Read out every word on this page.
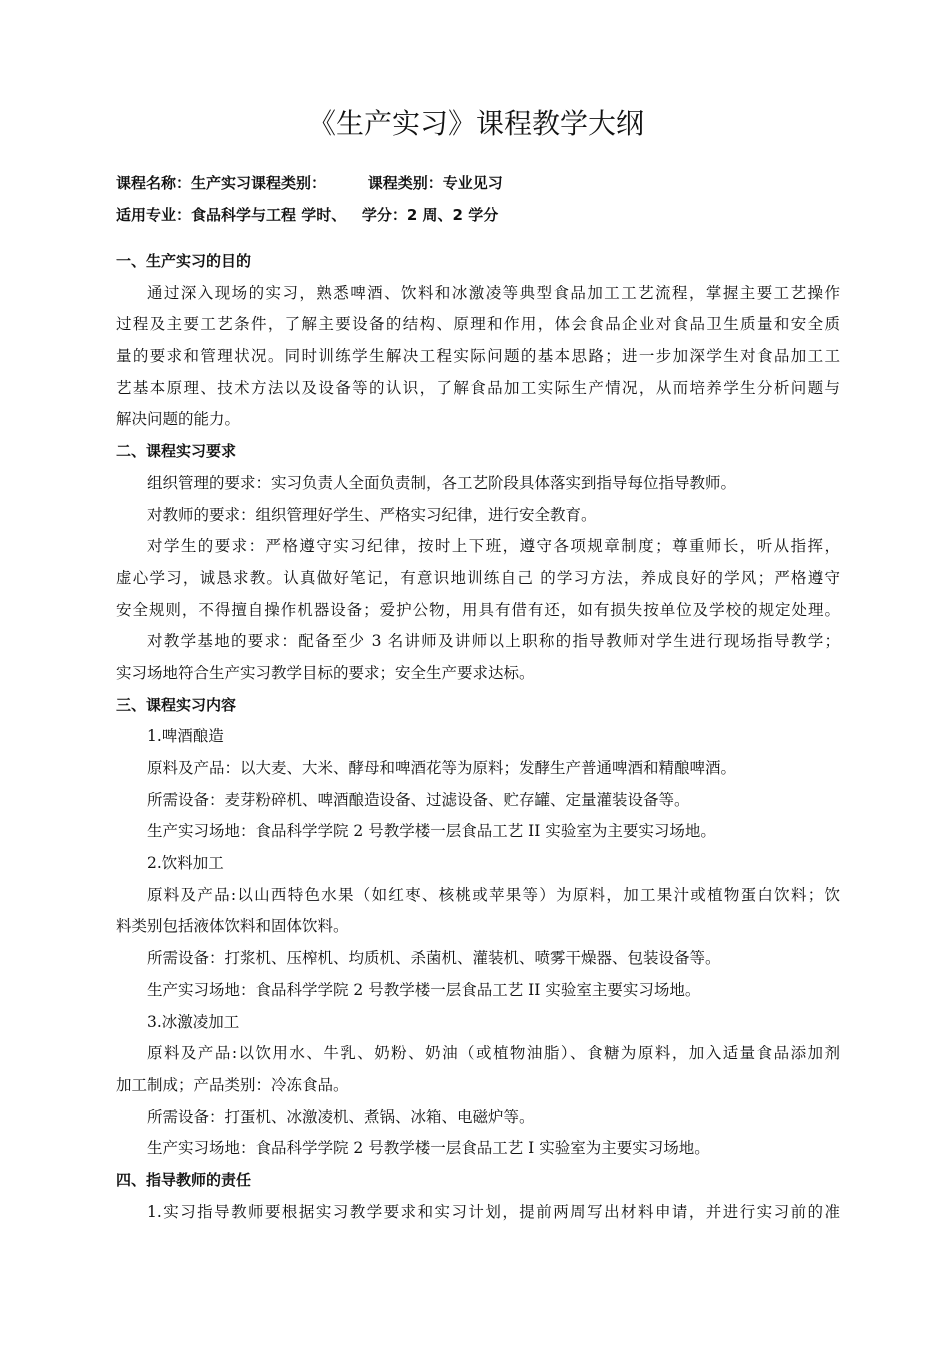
《生产实习》课程教学大纲
课程名称：生产实习课程类别：        课程类别：专业见习
适用专业：食品科学与工程 学时、   学分：2 周、2 学分
一、生产实习的目的
通过深入现场的实习，熟悉啤酒、饮料和冰激凌等典型食品加工工艺流程，掌握主要工艺操作
过程及主要工艺条件，了解主要设备的结构、原理和作用，体会食品企业对食品卫生质量和安全质
量的要求和管理状况。同时训练学生解决工程实际问题的基本思路；进一步加深学生对食品加工工
艺基本原理、技术方法以及设备等的认识，了解食品加工实际生产情况，从而培养学生分析问题与
解决问题的能力。
二、课程实习要求
组织管理的要求：实习负责人全面负责制，各工艺阶段具体落实到指导每位指导教师。
对教师的要求：组织管理好学生、严格实习纪律，进行安全教育。
对学生的要求：严格遵守实习纪律，按时上下班，遵守各项规章制度；尊重师长，听从指挥，
虚心学习，诚恳求教。认真做好笔记，有意识地训练自己 的学习方法，养成良好的学风；严格遵守
安全规则，不得擅自操作机器设备；爱护公物，用具有借有还，如有损失按单位及学校的规定处理。
对教学基地的要求：配备至少 3 名讲师及讲师以上职称的指导教师对学生进行现场指导教学；
实习场地符合生产实习教学目标的要求；安全生产要求达标。
三、课程实习内容
1.啤酒酿造
原料及产品：以大麦、大米、酵母和啤酒花等为原料；发酵生产普通啤酒和精酿啤酒。
所需设备：麦芽粉碎机、啤酒酿造设备、过滤设备、贮存罐、定量灌装设备等。
生产实习场地：食品科学学院 2 号教学楼一层食品工艺 II 实验室为主要实习场地。
2.饮料加工
原料及产品:以山西特色水果（如红枣、核桃或苹果等）为原料，加工果汁或植物蛋白饮料；饮
料类别包括液体饮料和固体饮料。
所需设备：打浆机、压榨机、均质机、杀菌机、灌装机、喷雾干燥器、包装设备等。
生产实习场地：食品科学学院 2 号教学楼一层食品工艺 II 实验室主要实习场地。
3.冰激凌加工
原料及产品:以饮用水、牛乳、奶粉、奶油（或植物油脂）、食糖为原料，加入适量食品添加剂
加工制成；产品类别：冷冻食品。
所需设备：打蛋机、冰激凌机、煮锅、冰箱、电磁炉等。
生产实习场地：食品科学学院 2 号教学楼一层食品工艺 I 实验室为主要实习场地。
四、指导教师的责任
1.实习指导教师要根据实习教学要求和实习计划，提前两周写出材料申请，并进行实习前的准
